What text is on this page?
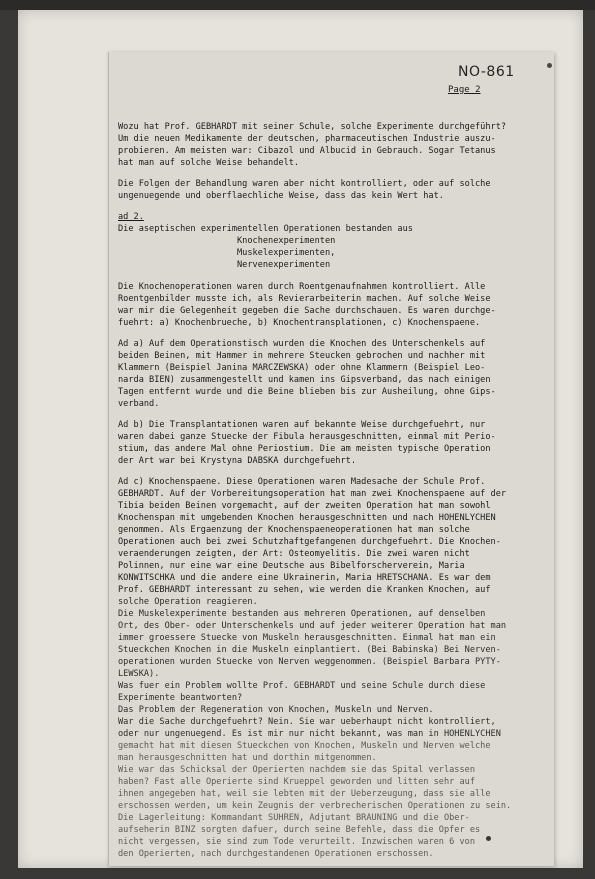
NO-861
Page 2
Wozu hat Prof. GEBHARDT mit seiner Schule, solche Experimente durchgeführt?
Um die neuen Medikamente der deutschen, pharmaceutischen Industrie auszu-
probieren. Am meisten war: Cibazol und Albucid in Gebrauch. Sogar Tetanus
hat man auf solche Weise behandelt.
Die Folgen der Behandlung waren aber nicht kontrolliert, oder auf solche
ungenuegende und oberflaechliche Weise, dass das kein Wert hat.
ad 2.
Die aseptischen experimentellen Operationen bestanden aus
Knochenexperimenten
Muskelexperimenten,
Nervenexperimenten
Die Knochenoperationen waren durch Roentgenaufnahmen kontrolliert. Alle
Roentgenbilder musste ich, als Revierarbeiterin machen. Auf solche Weise
war mir die Gelegenheit gegeben die Sache durchschauen. Es waren durchge-
fuehrt: a) Knochenbrueche, b) Knochentransplationen, c) Knochenspaene.
Ad a) Auf dem Operationstisch wurden die Knochen des Unterschenkels auf
beiden Beinen, mit Hammer in mehrere Steucken gebrochen und nachher mit
Klammern (Beispiel Janina MARCZEWSKA) oder ohne Klammern (Beispiel Leo-
narda BIEN) zusammengestellt und kamen ins Gipsverband, das nach einigen
Tagen entfernt wurde und die Beine blieben bis zur Ausheilung, ohne Gips-
verband.
Ad b) Die Transplantationen waren auf bekannte Weise durchgefuehrt, nur
waren dabei ganze Stuecke der Fibula herausgeschnitten, einmal mit Perio-
stium, das andere Mal ohne Periostium. Die am meisten typische Operation
der Art war bei Krystyna DABSKA durchgefuehrt.
Ad c) Knochenspaene. Diese Operationen waren Madesache der Schule Prof.
GEBHARDT. Auf der Vorbereitungsoperation hat man zwei Knochenspaene auf der
Tibia beiden Beinen vorgemacht, auf der zweiten Operation hat man sowohl
Knochenspan mit umgebenden Knochen herausgeschnitten und nach HOHENLYCHEN
genommen. Als Ergaenzung der Knochenspaeneoperationen hat man solche
Operationen auch bei zwei Schutzhaftgefangenen durchgefuehrt. Die Knochen-
veraenderungen zeigten, der Art: Osteomyelitis. Die zwei waren nicht
Polinnen, nur eine war eine Deutsche aus Bibelforscherverein, Maria
KONWITSCHKA und die andere eine Ukrainerin, Maria HRETSCHANA. Es war dem
Prof. GEBHARDT interessant zu sehen, wie werden die Kranken Knochen, auf
solche Operation reagieren.
Die Muskelexperimente bestanden aus mehreren Operationen, auf denselben
Ort, des Ober- oder Unterschenkels und auf jeder weiterer Operation hat man
immer groessere Stuecke von Muskeln herausgeschnitten. Einmal hat man ein
Stueckchen Knochen in die Muskeln einplantiert. (Bei Babinska) Bei Nerven-
operationen wurden Stuecke von Nerven weggenommen. (Beispiel Barbara PYTY-
LEWSKA).
Was fuer ein Problem wollte Prof. GEBHARDT und seine Schule durch diese
Experimente beantworten?
Das Problem der Regeneration von Knochen, Muskeln und Nerven.
War die Sache durchgefuehrt? Nein. Sie war ueberhaupt nicht kontrolliert,
oder nur ungenuegend. Es ist mir nur nicht bekannt, was man in HOHENLYCHEN
gemacht hat mit diesen Stueckchen von Knochen, Muskeln und Nerven welche
man herausgeschnitten hat und dorthin mitgenommen.
Wie war das Schicksal der Operierten nachdem sie das Spital verlassen
haben? Fast alle Operierte sind Krueppel geworden und litten sehr auf
ihnen angegeben hat, weil sie lebten mit der Ueberzeugung, dass sie alle
erschossen werden, um kein Zeugnis der verbrecherischen Operationen zu sein.
Die Lagerleitung: Kommandant SUHREN, Adjutant BRAUNING und die Ober-
aufseherin BINZ sorgten dafuer, durch seine Befehle, dass die Opfer es
nicht vergessen, sie sind zum Tode verurteilt. Inzwischen waren 6 von
den Operierten, nach durchgestandenen Operationen erschossen.
